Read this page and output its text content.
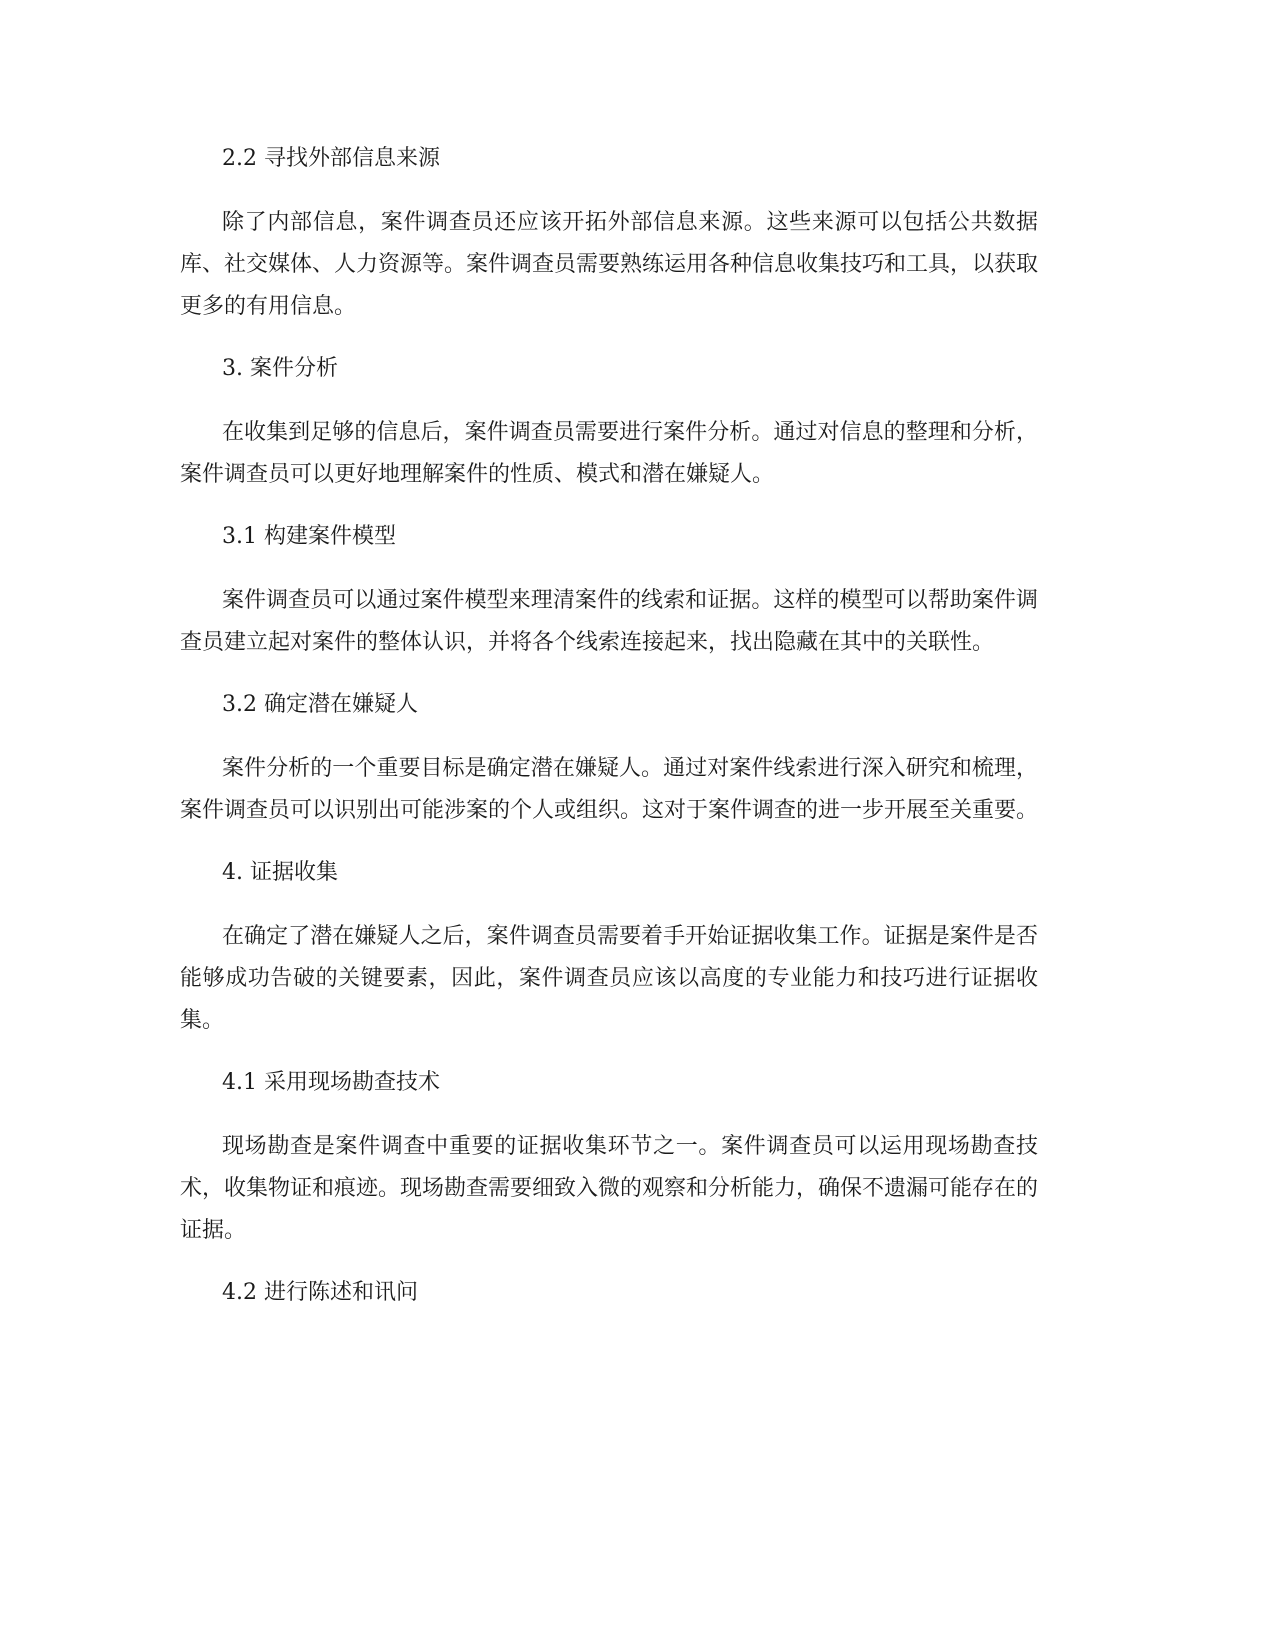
2.2 寻找外部信息来源

除了内部信息，案件调查员还应该开拓外部信息来源。这些来源可以包括公共数据库、社交媒体、人力资源等。案件调查员需要熟练运用各种信息收集技巧和工具，以获取更多的有用信息。

3. 案件分析

在收集到足够的信息后，案件调查员需要进行案件分析。通过对信息的整理和分析，案件调查员可以更好地理解案件的性质、模式和潜在嫌疑人。

3.1 构建案件模型

案件调查员可以通过案件模型来理清案件的线索和证据。这样的模型可以帮助案件调查员建立起对案件的整体认识，并将各个线索连接起来，找出隐藏在其中的关联性。

3.2 确定潜在嫌疑人

案件分析的一个重要目标是确定潜在嫌疑人。通过对案件线索进行深入研究和梳理，案件调查员可以识别出可能涉案的个人或组织。这对于案件调查的进一步开展至关重要。

4. 证据收集

在确定了潜在嫌疑人之后，案件调查员需要着手开始证据收集工作。证据是案件是否能够成功告破的关键要素，因此，案件调查员应该以高度的专业能力和技巧进行证据收集。

4.1 采用现场勘查技术

现场勘查是案件调查中重要的证据收集环节之一。案件调查员可以运用现场勘查技术，收集物证和痕迹。现场勘查需要细致入微的观察和分析能力，确保不遗漏可能存在的证据。

4.2 进行陈述和讯问
